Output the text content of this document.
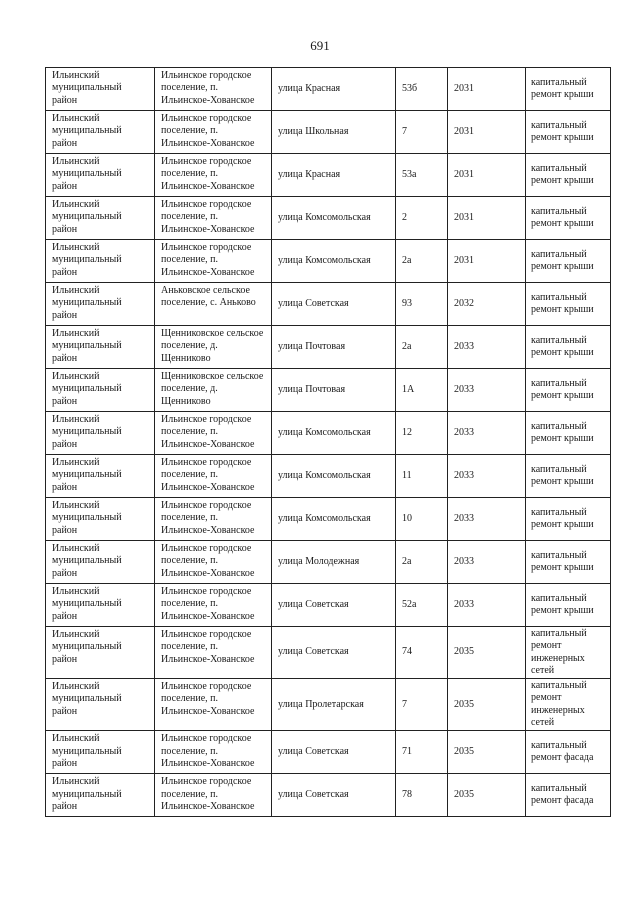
691
Ильинский муниципальный район	Ильинское городское поселение, п. Ильинское-Хованское	улица Красная	53б	2031	капитальный ремонт крыши
Ильинский муниципальный район	Ильинское городское поселение, п. Ильинское-Хованское	улица Школьная	7	2031	капитальный ремонт крыши
Ильинский муниципальный район	Ильинское городское поселение, п. Ильинское-Хованское	улица Красная	53а	2031	капитальный ремонт крыши
Ильинский муниципальный район	Ильинское городское поселение, п. Ильинское-Хованское	улица Комсомольская	2	2031	капитальный ремонт крыши
Ильинский муниципальный район	Ильинское городское поселение, п. Ильинское-Хованское	улица Комсомольская	2а	2031	капитальный ремонт крыши
Ильинский муниципальный район	Аньковское сельское поселение, с. Аньково	улица Советская	93	2032	капитальный ремонт крыши
Ильинский муниципальный район	Щенниковское сельское поселение, д. Щенниково	улица Почтовая	2а	2033	капитальный ремонт крыши
Ильинский муниципальный район	Щенниковское сельское поселение, д. Щенниково	улица Почтовая	1А	2033	капитальный ремонт крыши
Ильинский муниципальный район	Ильинское городское поселение, п. Ильинское-Хованское	улица Комсомольская	12	2033	капитальный ремонт крыши
Ильинский муниципальный район	Ильинское городское поселение, п. Ильинское-Хованское	улица Комсомольская	11	2033	капитальный ремонт крыши
Ильинский муниципальный район	Ильинское городское поселение, п. Ильинское-Хованское	улица Комсомольская	10	2033	капитальный ремонт крыши
Ильинский муниципальный район	Ильинское городское поселение, п. Ильинское-Хованское	улица Молодежная	2а	2033	капитальный ремонт крыши
Ильинский муниципальный район	Ильинское городское поселение, п. Ильинское-Хованское	улица Советская	52а	2033	капитальный ремонт крыши
Ильинский муниципальный район	Ильинское городское поселение, п. Ильинское-Хованское	улица Советская	74	2035	капитальный ремонт инженерных сетей
Ильинский муниципальный район	Ильинское городское поселение, п. Ильинское-Хованское	улица Пролетарская	7	2035	капитальный ремонт инженерных сетей
Ильинский муниципальный район	Ильинское городское поселение, п. Ильинское-Хованское	улица Советская	71	2035	капитальный ремонт фасада
Ильинский муниципальный район	Ильинское городское поселение, п. Ильинское-Хованское	улица Советская	78	2035	капитальный ремонт фасада
